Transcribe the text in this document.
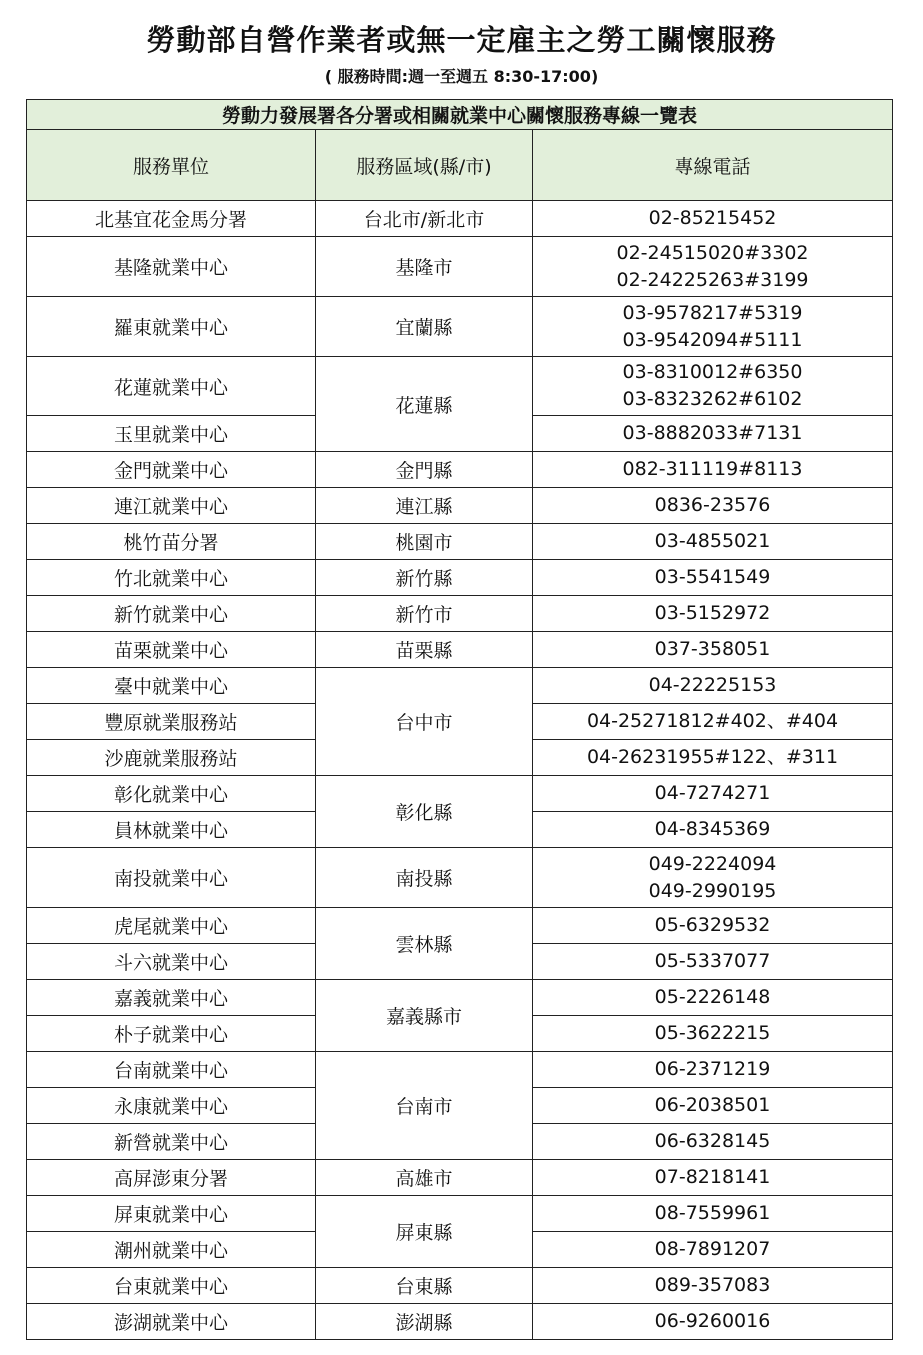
勞動部自營作業者或無一定雇主之勞工關懷服務
( 服務時間:週一至週五 8:30-17:00)
勞動力發展署各分署或相關就業中心關懷服務專線一覽表		
服務單位	服務區域(縣/市)	專線電話
北基宜花金馬分署	台北市/新北市	02-85215452

基隆就業中心	基隆市	02-24515020#3302
02-24225263#3199

羅東就業中心	宜蘭縣	03-9578217#5319
03-9542094#5111

花蓮就業中心	花蓮縣	03-8310012#6350
03-8323262#6102

玉里就業中心		03-8882033#7131

金門就業中心	金門縣	082-311119#8113

連江就業中心	連江縣	0836-23576

桃竹苗分署	桃園市	03-4855021

竹北就業中心	新竹縣	03-5541549

新竹就業中心	新竹市	03-5152972

苗栗就業中心	苗栗縣	037-358051

臺中就業中心	台中市	04-22225153

豐原就業服務站		04-25271812#402、#404

沙鹿就業服務站		04-26231955#122、#311

彰化就業中心	彰化縣	04-7274271

員林就業中心		04-8345369

南投就業中心	南投縣	049-2224094
049-2990195

虎尾就業中心	雲林縣	05-6329532

斗六就業中心		05-5337077

嘉義就業中心	嘉義縣市	05-2226148

朴子就業中心		05-3622215

台南就業中心	台南市	06-2371219

永康就業中心		06-2038501

新營就業中心		06-6328145

高屏澎東分署	高雄市	07-8218141

屏東就業中心	屏東縣	08-7559961

潮州就業中心		08-7891207

台東就業中心	台東縣	089-357083

澎湖就業中心	澎湖縣	06-9260016
